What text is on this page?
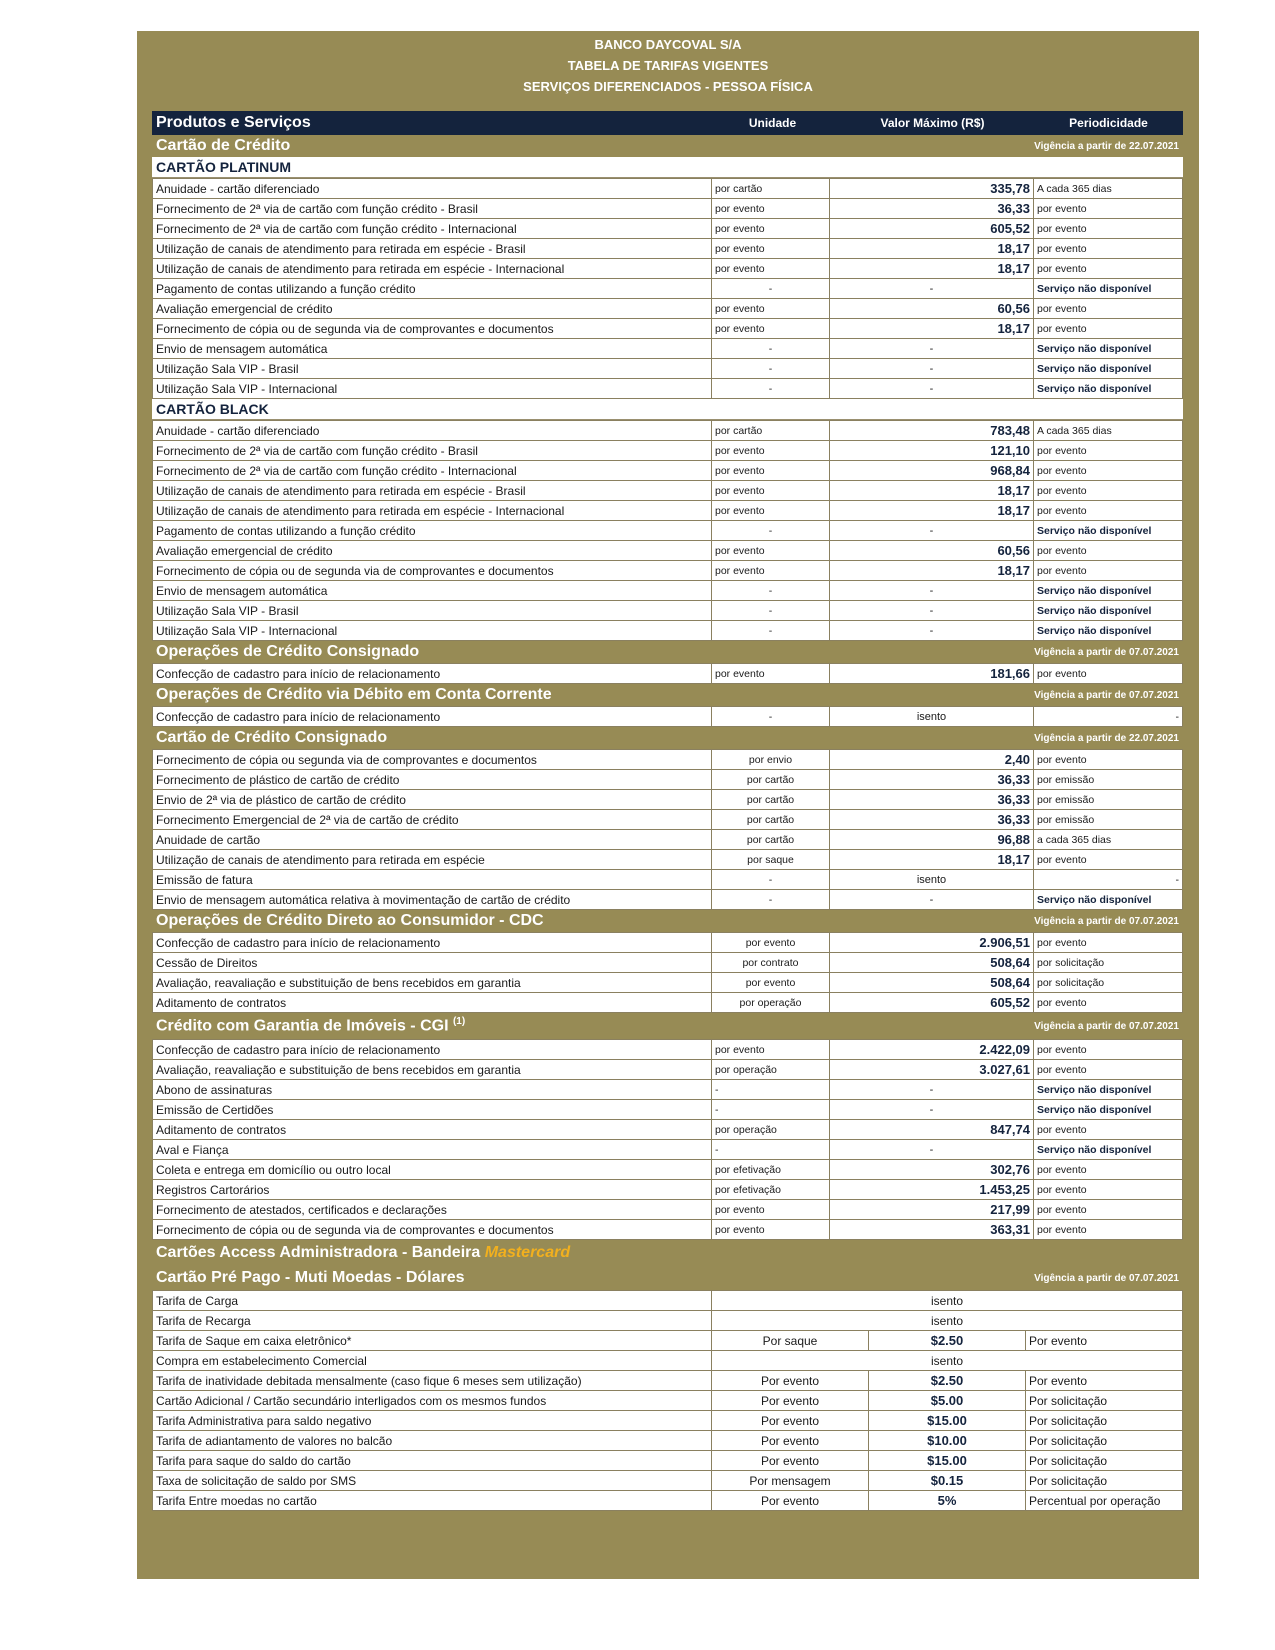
BANCO DAYCOVAL S/A
TABELA DE TARIFAS VIGENTES
SERVIÇOS DIFERENCIADOS - PESSOA FÍSICA
Produtos e Serviços	Unidade	Valor Máximo (R$)	Periodicidade
Cartão de Crédito	Vigência a partir de 22.07.2021
CARTÃO PLATINUM
Anuidade - cartão diferenciado	por cartão	335,78	A cada 365 dias
Fornecimento de 2ª via de cartão com função crédito - Brasil	por evento	36,33	por evento
Fornecimento de 2ª via de cartão com função crédito - Internacional	por evento	605,52	por evento
Utilização de canais de atendimento para retirada em espécie - Brasil	por evento	18,17	por evento
Utilização de canais de atendimento para retirada em espécie - Internacional	por evento	18,17	por evento
Pagamento de contas utilizando a função crédito	-	-	Serviço não disponível
Avaliação emergencial de crédito	por evento	60,56	por evento
Fornecimento de cópia ou de segunda via de comprovantes e documentos	por evento	18,17	por evento
Envio de mensagem automática	-	-	Serviço não disponível
Utilização Sala VIP - Brasil	-	-	Serviço não disponível
Utilização Sala VIP - Internacional	-	-	Serviço não disponível
CARTÃO BLACK
Anuidade - cartão diferenciado	por cartão	783,48	A cada 365 dias
Fornecimento de 2ª via de cartão com função crédito - Brasil	por evento	121,10	por evento
Fornecimento de 2ª via de cartão com função crédito - Internacional	por evento	968,84	por evento
Utilização de canais de atendimento para retirada em espécie - Brasil	por evento	18,17	por evento
Utilização de canais de atendimento para retirada em espécie - Internacional	por evento	18,17	por evento
Pagamento de contas utilizando a função crédito	-	-	Serviço não disponível
Avaliação emergencial de crédito	por evento	60,56	por evento
Fornecimento de cópia ou de segunda via de comprovantes e documentos	por evento	18,17	por evento
Envio de mensagem automática	-	-	Serviço não disponível
Utilização Sala VIP - Brasil	-	-	Serviço não disponível
Utilização Sala VIP - Internacional	-	-	Serviço não disponível
Operações de Crédito Consignado	Vigência a partir de 07.07.2021
Confecção de cadastro para início de relacionamento	por evento	181,66	por evento
Operações de Crédito via Débito em Conta Corrente	Vigência a partir de 07.07.2021
Confecção de cadastro para início de relacionamento	-	isento	-
Cartão de Crédito Consignado	Vigência a partir de 22.07.2021
Fornecimento de cópia ou segunda via de comprovantes e documentos	por envio	2,40	por evento
Fornecimento de plástico de cartão de crédito	por cartão	36,33	por emissão
Envio de 2ª via de plástico de cartão de crédito	por cartão	36,33	por emissão
Fornecimento Emergencial de 2ª via de cartão de crédito	por cartão	36,33	por emissão
Anuidade de cartão	por cartão	96,88	a cada 365 dias
Utilização de canais de atendimento para retirada em espécie	por saque	18,17	por evento
Emissão de fatura	-	isento	-
Envio de mensagem automática relativa à movimentação de cartão de crédito	-	-	Serviço não disponível
Operações de Crédito Direto ao Consumidor - CDC	Vigência a partir de 07.07.2021
Confecção de cadastro para início de relacionamento	por evento	2.906,51	por evento
Cessão de Direitos	por contrato	508,64	por solicitação
Avaliação, reavaliação e substituição de bens recebidos em garantia	por evento	508,64	por solicitação
Aditamento de contratos	por operação	605,52	por evento
Crédito com Garantia de Imóveis - CGI $^{(1)}$	Vigência a partir de 07.07.2021
Confecção de cadastro para início de relacionamento	por evento	2.422,09	por evento
Avaliação, reavaliação e substituição de bens recebidos em garantia	por operação	3.027,61	por evento
Abono de assinaturas	-	-	Serviço não disponível
Emissão de Certidões	-	-	Serviço não disponível
Aditamento de contratos	por operação	847,74	por evento
Aval e Fiança	-	-	Serviço não disponível
Coleta e entrega em domicílio ou outro local	por efetivação	302,76	por evento
Registros Cartorários	por efetivação	1.453,25	por evento
Fornecimento de atestados, certificados e declarações	por evento	217,99	por evento
Fornecimento de cópia ou de segunda via de comprovantes e documentos	por evento	363,31	por evento
Cartões Access Administradora - Bandeira Mastercard
Cartão Pré Pago - Muti Moedas - Dólares	Vigência a partir de 07.07.2021
Tarifa de Carga	isento		
Tarifa de Recarga	isento		
Tarifa de Saque em caixa eletrônico*	Por saque	$2.50	Por evento
Compra em estabelecimento Comercial	isento		
Tarifa de inatividade debitada mensalmente (caso fique 6 meses sem utilização)	Por evento	$2.50	Por evento
Cartão Adicional / Cartão secundário interligados com os mesmos fundos	Por evento	$5.00	Por solicitação
Tarifa Administrativa para saldo negativo	Por evento	$15.00	Por solicitação
Tarifa de adiantamento de valores no balcão	Por evento	$10.00	Por solicitação
Tarifa para saque do saldo do cartão	Por evento	$15.00	Por solicitação
Taxa de solicitação de saldo por SMS	Por mensagem	$0.15	Por solicitação
Tarifa Entre moedas no cartão	Por evento	5%	Percentual por operação
